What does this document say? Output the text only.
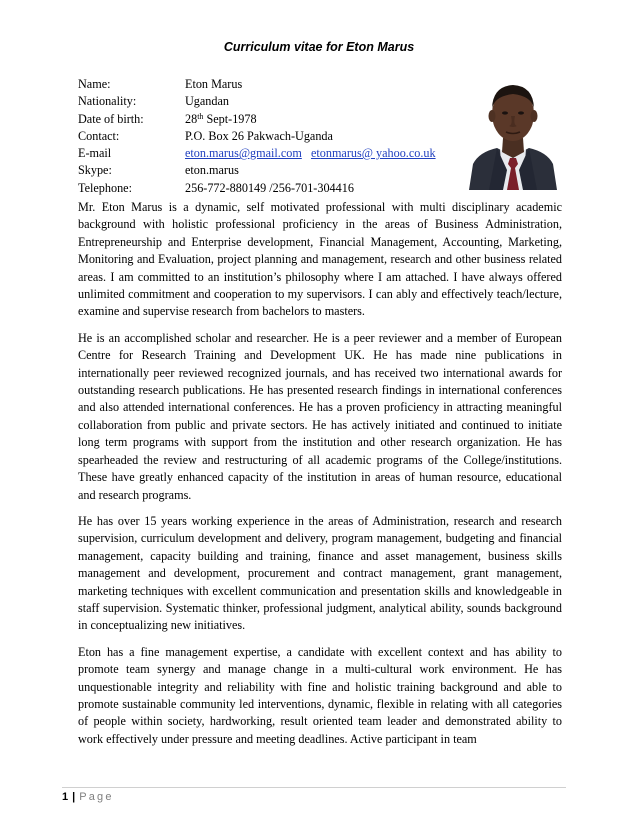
Curriculum vitae for Eton Marus
Name:	Eton Marus
Nationality:	Ugandan
Date of birth:	28th Sept-1978
Contact:	P.O. Box 26 Pakwach-Uganda
E-mail	eton.marus@gmail.com etonmarus@ yahoo.co.uk
Skype:	eton.marus
Telephone:	256-772-880149 /256-701-304416

Mr. Eton Marus is a dynamic, self motivated professional with multi disciplinary academic background with holistic professional proficiency in the areas of Business Administration, Entrepreneurship and Enterprise development, Financial Management, Accounting, Marketing, Monitoring and Evaluation, project planning and management, research and other business related areas. I am committed to an institution’s philosophy where I am attached. I have always offered unlimited commitment and cooperation to my supervisors. I can ably and effectively teach/lecture, examine and supervise research from bachelors to masters.

He is an accomplished scholar and researcher. He is a peer reviewer and a member of European Centre for Research Training and Development UK. He has made nine publications in internationally peer reviewed recognized journals, and has received two international awards for outstanding research publications. He has presented research findings in international conferences and also attended international conferences. He has a proven proficiency in attracting meaningful collaboration from public and private sectors. He has actively initiated and continued to initiate long term programs with support from the institution and other research organization. He has spearheaded the review and restructuring of all academic programs of the College/institutions. These have greatly enhanced capacity of the institution in areas of human resource, educational and research programs.

He has over 15 years working experience in the areas of Administration, research and research supervision, curriculum development and delivery, program management, budgeting and financial management, capacity building and training, finance and asset management, business skills management and development, procurement and contract management, grant management, marketing techniques with excellent communication and presentation skills and knowledgeable in staff supervision. Systematic thinker, professional judgment, analytical ability, sounds background in conceptualizing new initiatives.

Eton has a fine management expertise, a candidate with excellent context and has ability to promote team synergy and manage change in a multi-cultural work environment. He has unquestionable integrity and reliability with fine and holistic training background and able to promote sustainable community led interventions, dynamic, flexible in relating with all categories of people within society, hardworking, result oriented team leader and demonstrated ability to work effectively under pressure and meeting deadlines. Active participant in team

1 | Page
